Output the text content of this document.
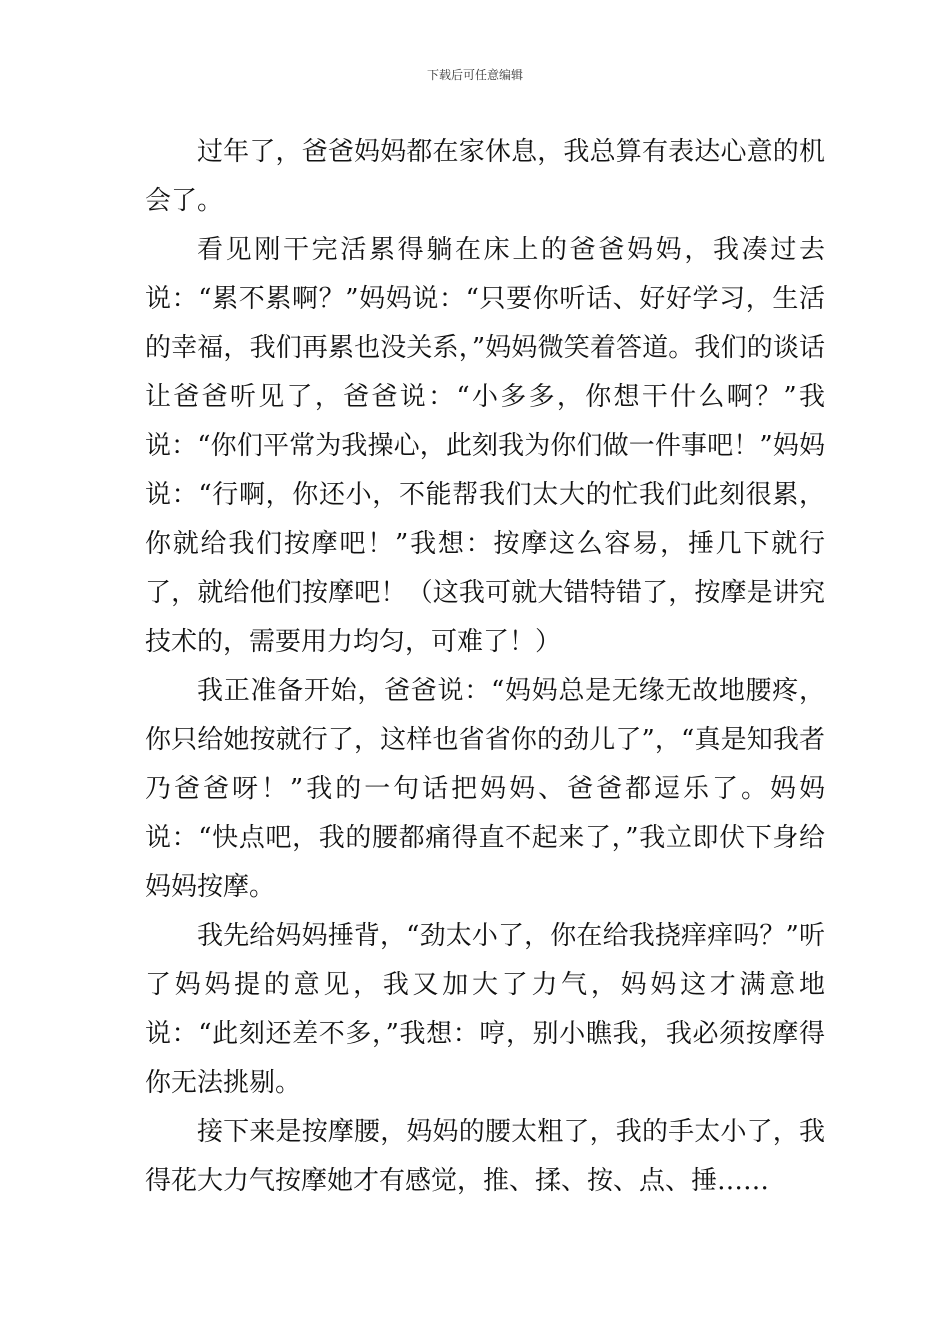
下载后可任意编辑

过年了，爸爸妈妈都在家休息，我总算有表达心意的机会了。

看见刚干完活累得躺在床上的爸爸妈妈，我凑过去说：“累不累啊？”妈妈说：“只要你听话、好好学习，生活的幸福，我们再累也没关系，”妈妈微笑着答道。我们的谈话让爸爸听见了，爸爸说：“小多多，你想干什么啊？”我说：“你们平常为我操心，此刻我为你们做一件事吧！”妈妈说：“行啊，你还小，不能帮我们太大的忙我们此刻很累，你就给我们按摩吧！”我想：按摩这么容易，捶几下就行了，就给他们按摩吧！（这我可就大错特错了，按摩是讲究技术的，需要用力均匀，可难了！）

我正准备开始，爸爸说：“妈妈总是无缘无故地腰疼，你只给她按就行了，这样也省省你的劲儿了”，“真是知我者乃爸爸呀！”我的一句话把妈妈、爸爸都逗乐了。妈妈说：“快点吧，我的腰都痛得直不起来了，”我立即伏下身给妈妈按摩。

我先给妈妈捶背，“劲太小了，你在给我挠痒痒吗？”听了妈妈提的意见，我又加大了力气，妈妈这才满意地说：“此刻还差不多，”我想：哼，别小瞧我，我必须按摩得你无法挑剔。

接下来是按摩腰，妈妈的腰太粗了，我的手太小了，我得花大力气按摩她才有感觉，推、揉、按、点、捶……
